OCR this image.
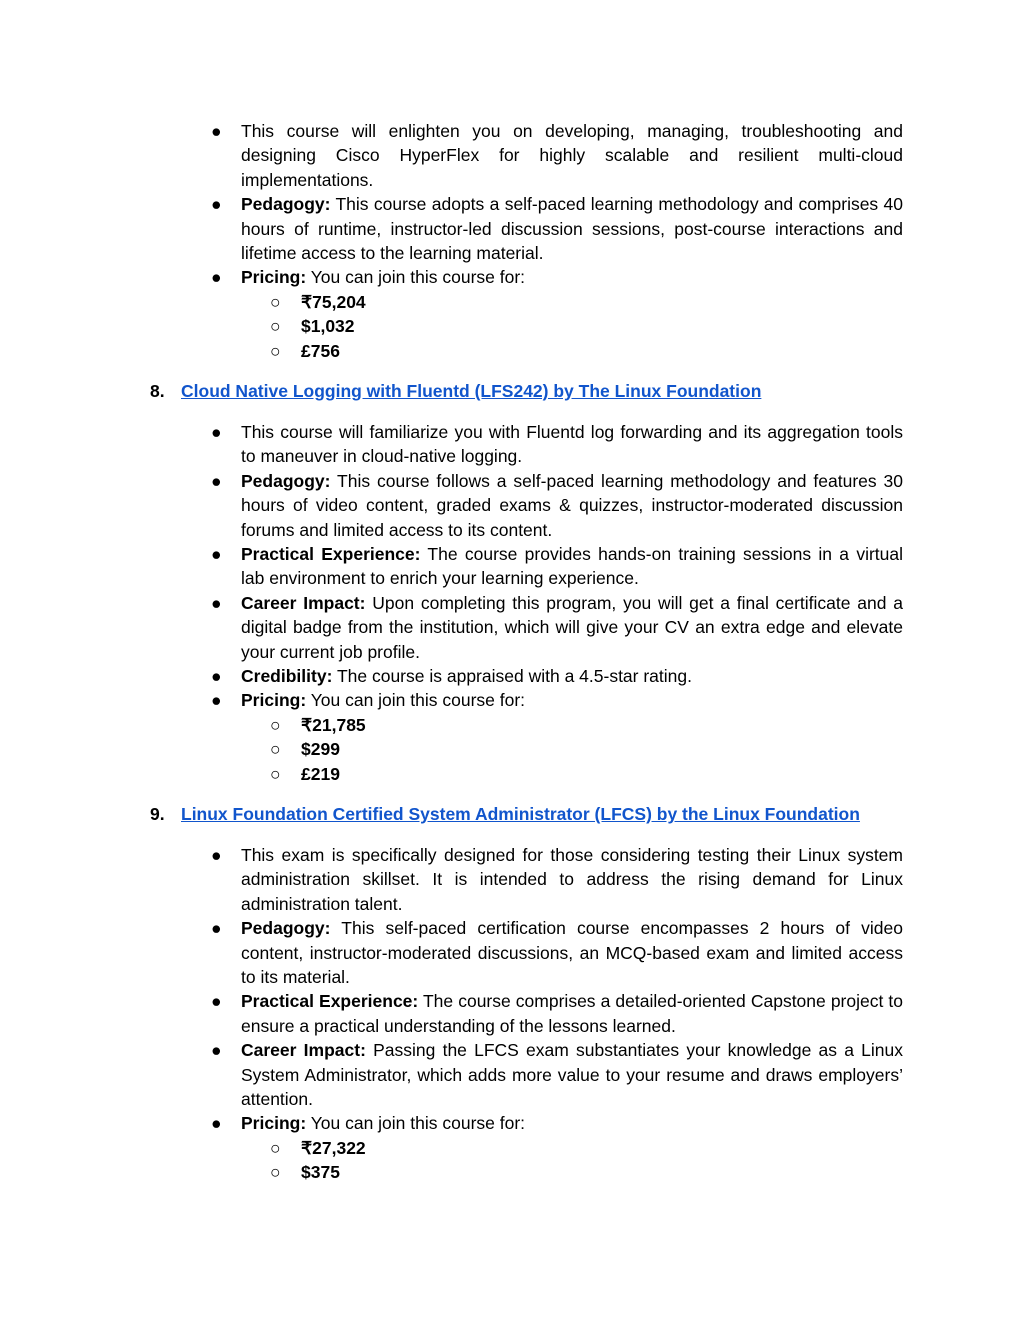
●	This course will enlighten you on developing, managing, troubleshooting and designing Cisco HyperFlex for highly scalable and resilient multi-cloud implementations.
●	Pedagogy: This course adopts a self-paced learning methodology and comprises 40 hours of runtime, instructor-led discussion sessions, post-course interactions and lifetime access to the learning material.
●	Pricing: You can join this course for:
○ ₹75,204
○ $1,032
○ £756
8. Cloud Native Logging with Fluentd (LFS242) by The Linux Foundation
●	This course will familiarize you with Fluentd log forwarding and its aggregation tools to maneuver in cloud-native logging.
●	Pedagogy: This course follows a self-paced learning methodology and features 30 hours of video content, graded exams & quizzes, instructor-moderated discussion forums and limited access to its content.
●	Practical Experience: The course provides hands-on training sessions in a virtual lab environment to enrich your learning experience.
●	Career Impact: Upon completing this program, you will get a final certificate and a digital badge from the institution, which will give your CV an extra edge and elevate your current job profile.
●	Credibility: The course is appraised with a 4.5-star rating.
●	Pricing: You can join this course for:
○ ₹21,785
○ $299
○ £219
9. Linux Foundation Certified System Administrator (LFCS) by the Linux Foundation
●	This exam is specifically designed for those considering testing their Linux system administration skillset. It is intended to address the rising demand for Linux administration talent.
●	Pedagogy: This self-paced certification course encompasses 2 hours of video content, instructor-moderated discussions, an MCQ-based exam and limited access to its material.
●	Practical Experience: The course comprises a detailed-oriented Capstone project to ensure a practical understanding of the lessons learned.
●	Career Impact: Passing the LFCS exam substantiates your knowledge as a Linux System Administrator, which adds more value to your resume and draws employers’ attention.
●	Pricing: You can join this course for:
○ ₹27,322
○ $375
